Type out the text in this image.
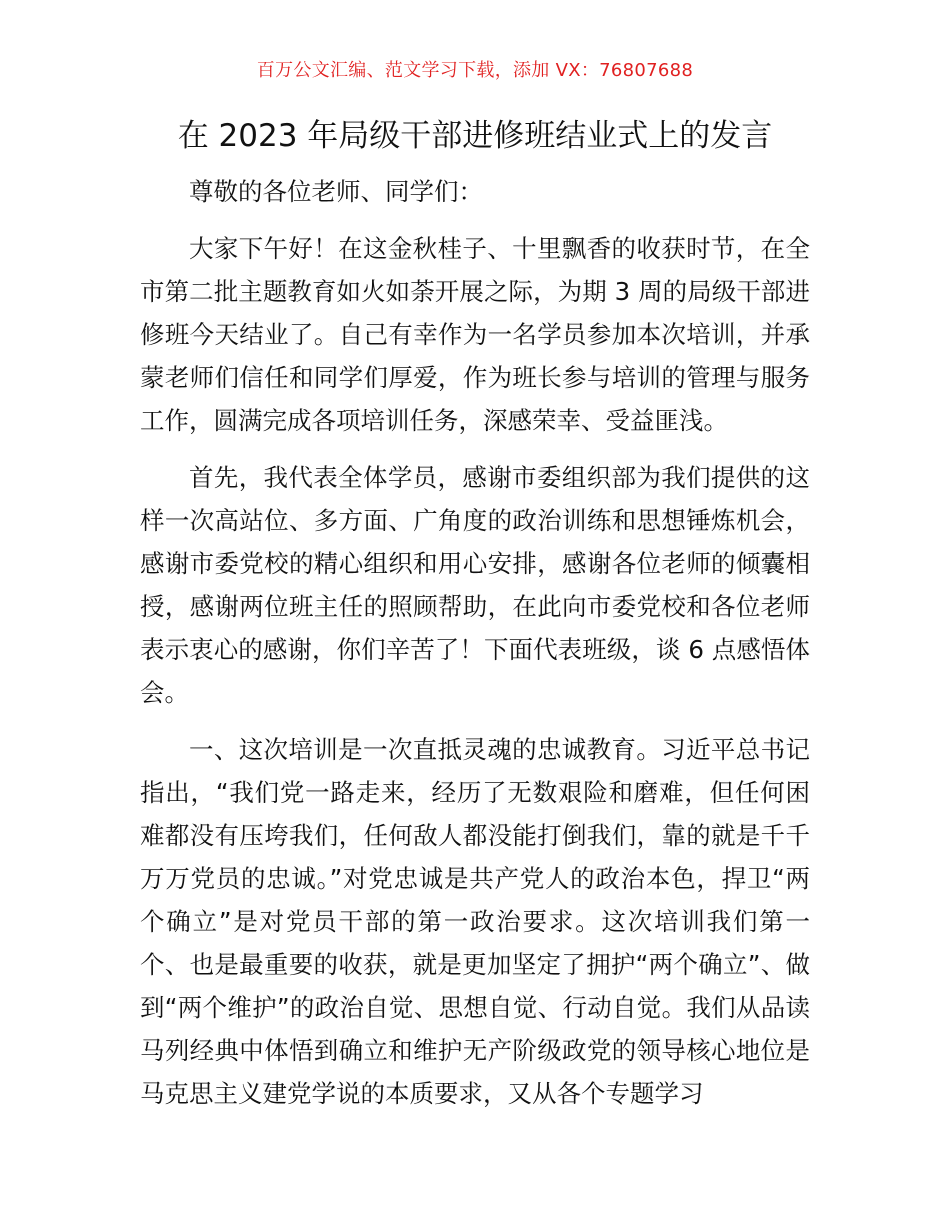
百万公文汇编、范文学习下载，添加 VX：76807688
在 2023 年局级干部进修班结业式上的发言

尊敬的各位老师、同学们：

大家下午好！在这金秋桂子、十里飘香的收获时节，在全市第二批主题教育如火如荼开展之际，为期 3 周的局级干部进修班今天结业了。自己有幸作为一名学员参加本次培训，并承蒙老师们信任和同学们厚爱，作为班长参与培训的管理与服务工作，圆满完成各项培训任务，深感荣幸、受益匪浅。

首先，我代表全体学员，感谢市委组织部为我们提供的这样一次高站位、多方面、广角度的政治训练和思想锤炼机会，感谢市委党校的精心组织和用心安排，感谢各位老师的倾囊相授，感谢两位班主任的照顾帮助，在此向市委党校和各位老师表示衷心的感谢，你们辛苦了！下面代表班级，谈 6 点感悟体会。

一、这次培训是一次直抵灵魂的忠诚教育。习近平总书记指出，“我们党一路走来，经历了无数艰险和磨难，但任何困难都没有压垮我们，任何敌人都没能打倒我们，靠的就是千千万万党员的忠诚。”对党忠诚是共产党人的政治本色，捍卫“两个确立”是对党员干部的第一政治要求。这次培训我们第一个、也是最重要的收获，就是更加坚定了拥护“两个确立”、做到“两个维护”的政治自觉、思想自觉、行动自觉。我们从品读马列经典中体悟到确立和维护无产阶级政党的领导核心地位是马克思主义建党学说的本质要求，又从各个专题学习
